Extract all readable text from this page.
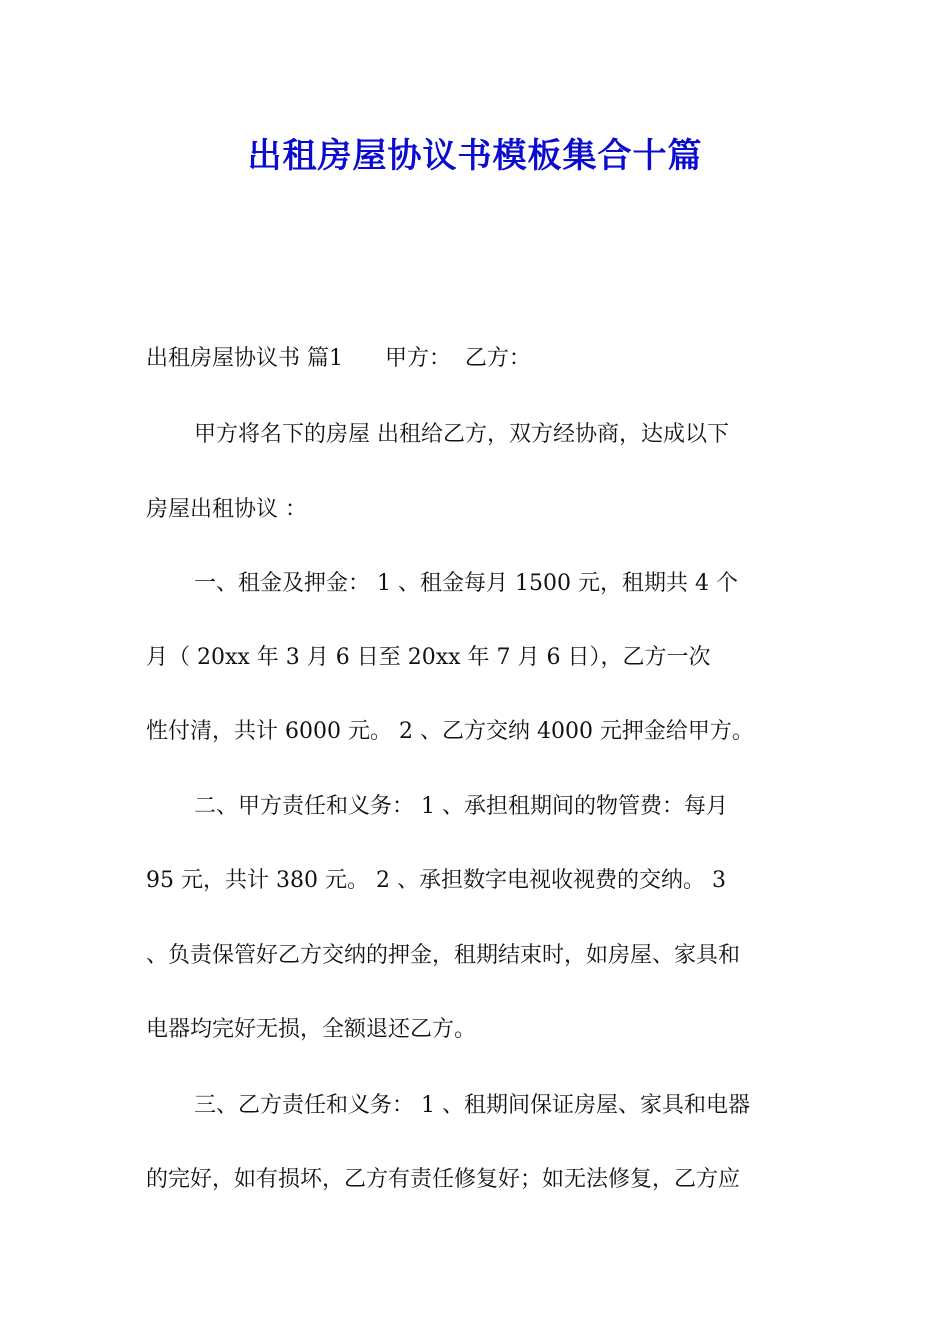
出租房屋协议书模板集合十篇

出租房屋协议书 篇1      甲方：  乙方：

甲方将名下的房屋 出租给乙方，双方经协商，达成以下

房屋出租协议 ：

一、租金及押金： 1 、租金每月 1500 元，租期共 4 个

月（ 20xx 年 3 月 6 日至 20xx 年 7 月 6 日），乙方一次

性付清，共计 6000 元。 2 、乙方交纳 4000 元押金给甲方。

二、甲方责任和义务： 1 、承担租期间的物管费：每月

95 元，共计 380 元。 2 、承担数字电视收视费的交纳。 3

、负责保管好乙方交纳的押金，租期结束时，如房屋、家具和

电器均完好无损，全额退还乙方。

三、乙方责任和义务： 1 、租期间保证房屋、家具和电器

的完好，如有损坏，乙方有责任修复好；如无法修复，乙方应
